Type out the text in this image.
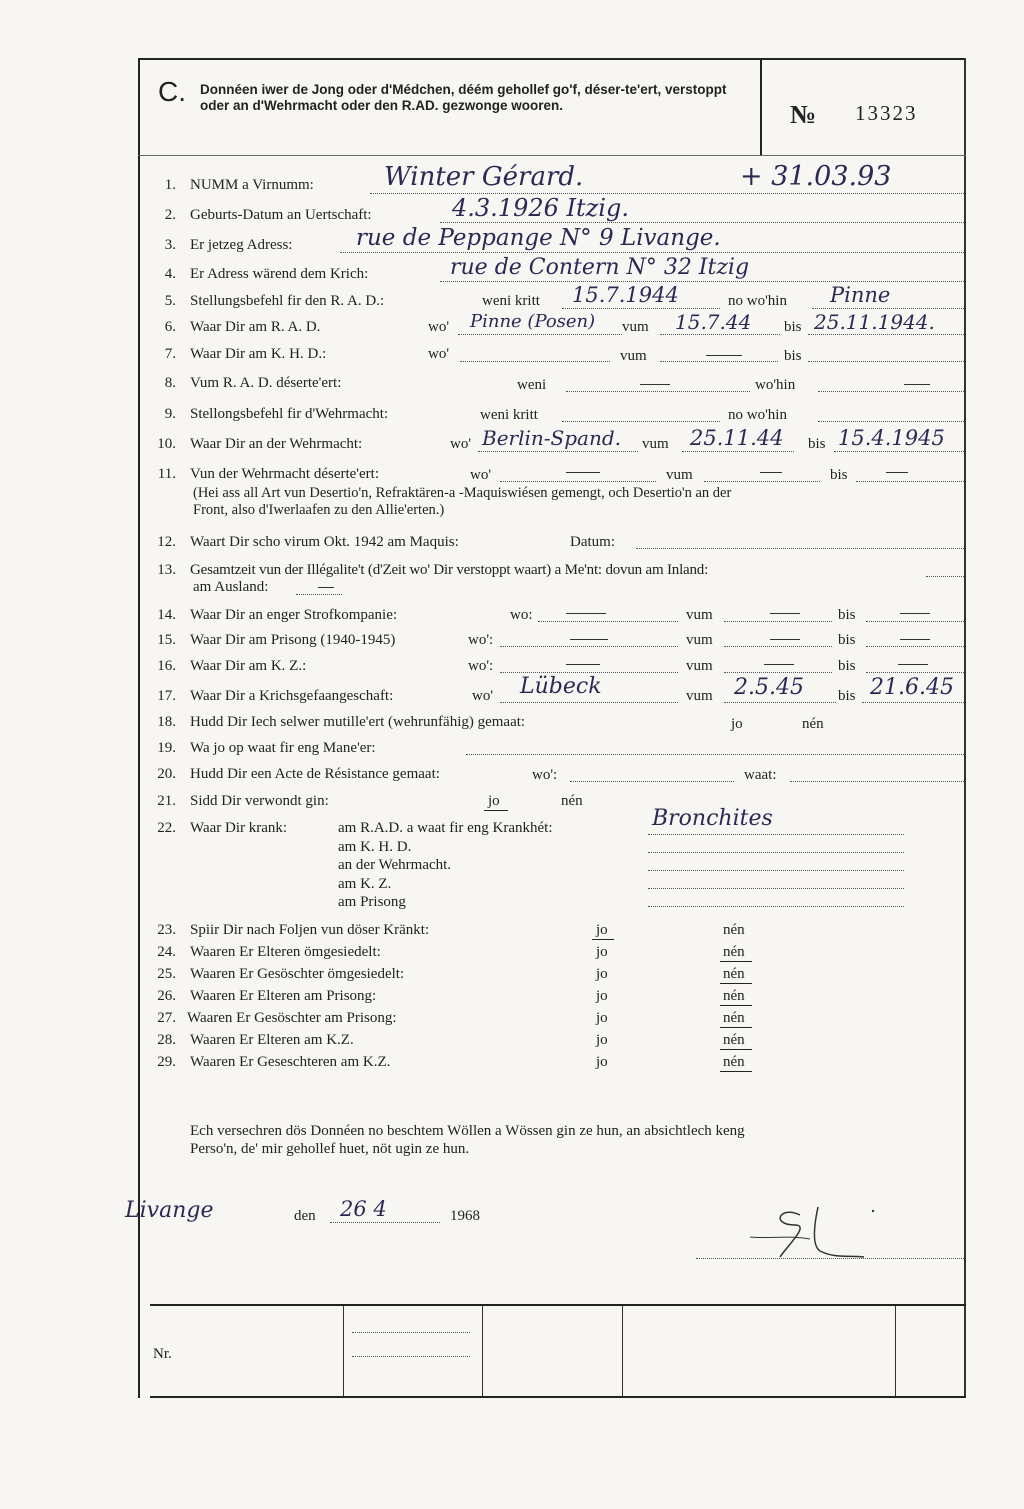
C. Donnéen iwer de Jong oder d'Médchen, déém gehollef go'f, déser-te'ert, verstoppt oder an d'Wehrmacht oder den R.AD. gezwonge wooren.	№ 13323
1. NUMM a Virnumm:	Winter Gérard.	+ 31.03.93
2. Geburts-Datum an Uertschaft:	4.3.1926 Itzig.
3. Er jetzeg Adress:	rue de Peppange N° 9 Livange.
4. Er Adress wärend dem Krich:	rue de Contern N° 32 Itzig
5. Stellungsbefehl fir den R. A. D.:	weni kritt 15.7.1944	no wo'hin Pinne
6. Waar Dir am R. A. D.	wo' Pinne (Posen) vum 15.7.44 bis 25.11.1944.
7. Waar Dir am K. H. D.:	wo'	vum	bis
8. Vum R. A. D. déserte'ert:	weni	wo'hin
9. Stellongsbefehl fir d'Wehrmacht:	weni kritt	no wo'hin
10. Waar Dir an der Wehrmacht:	wo' Berlin-Spand. vum 25.11.44 bis 15.4.1945
11. Vun der Wehrmacht déserte'ert:	wo'	vum	bis
(Hei ass all Art vun Desertio'n, Refraktären-a -Maquiswiésen gemengt, och Desertio'n an der
Front, also d'Iwerlaafen zu den Allie'erten.)
12. Waart Dir scho virum Okt. 1942 am Maquis:	Datum:
13. Gesamtzeit vun der Illégalite't (d'Zeit wo' Dir verstoppt waart) a Me'nt: dovun am Inland:
am Ausland:
14. Waar Dir an enger Strofkompanie:	wo:	vum	bis
15. Waar Dir am Prisong (1940-1945)	wo':	vum	bis
16. Waar Dir am K. Z.:	wo':	vum	bis
17. Waar Dir a Krichsgefaangeschaft:	wo' Lübeck	vum 2.5.45 bis 21.6.45
18. Hudd Dir Iech selwer mutille'ert (wehrunfähig) gemaat:	jo	nén
19. Wa jo op waat fir eng Mane'er:
20. Hudd Dir een Acte de Résistance gemaat:	wo':	waat:
21. Sidd Dir verwondt gin:	jo	nén
22. Waar Dir krank:	am R.A.D. a waat fir eng Krankhét:	Bronchites
am K. H. D.
an der Wehrmacht.
am K. Z.
am Prisong
23. Spiir Dir nach Foljen vun döser Kränkt:	jo	nén
24. Waaren Er Elteren ömgesiedelt:	jo	nén
25. Waaren Er Gesöschter ömgesiedelt:	jo	nén
26. Waaren Er Elteren am Prisong:	jo	nén
27. Waaren Er Gesöschter am Prisong:	jo	nén
28. Waaren Er Elteren am K.Z.	jo	nén
29. Waaren Er Geseschteren am K.Z.	jo	nén
Ech versechren dös Donnéen no beschtem Wöllen a Wössen gin ze hun, an absichtlech keng
Perso'n, de' mir gehollef huet, nöt ugin ze hun.
Livange	den 26 4	1968
Nr.
